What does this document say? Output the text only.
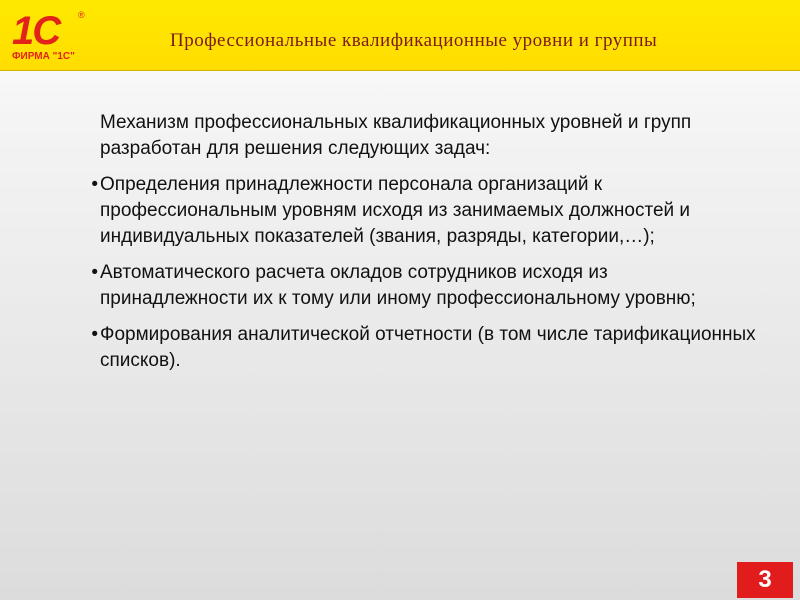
1С	®
ФИРМА "1С"
Профессиональные квалификационные уровни и группы

Механизм профессиональных квалификационных уровней и групп разработан для решения следующих задач:

• Определения принадлежности персонала организаций к профессиональным уровням исходя из занимаемых должностей и индивидуальных показателей (звания, разряды, категории,…);
• Автоматического расчета окладов сотрудников исходя из принадлежности их к тому или иному профессиональному уровню;
• Формирования аналитической отчетности (в том числе тарификационных списков).
3
